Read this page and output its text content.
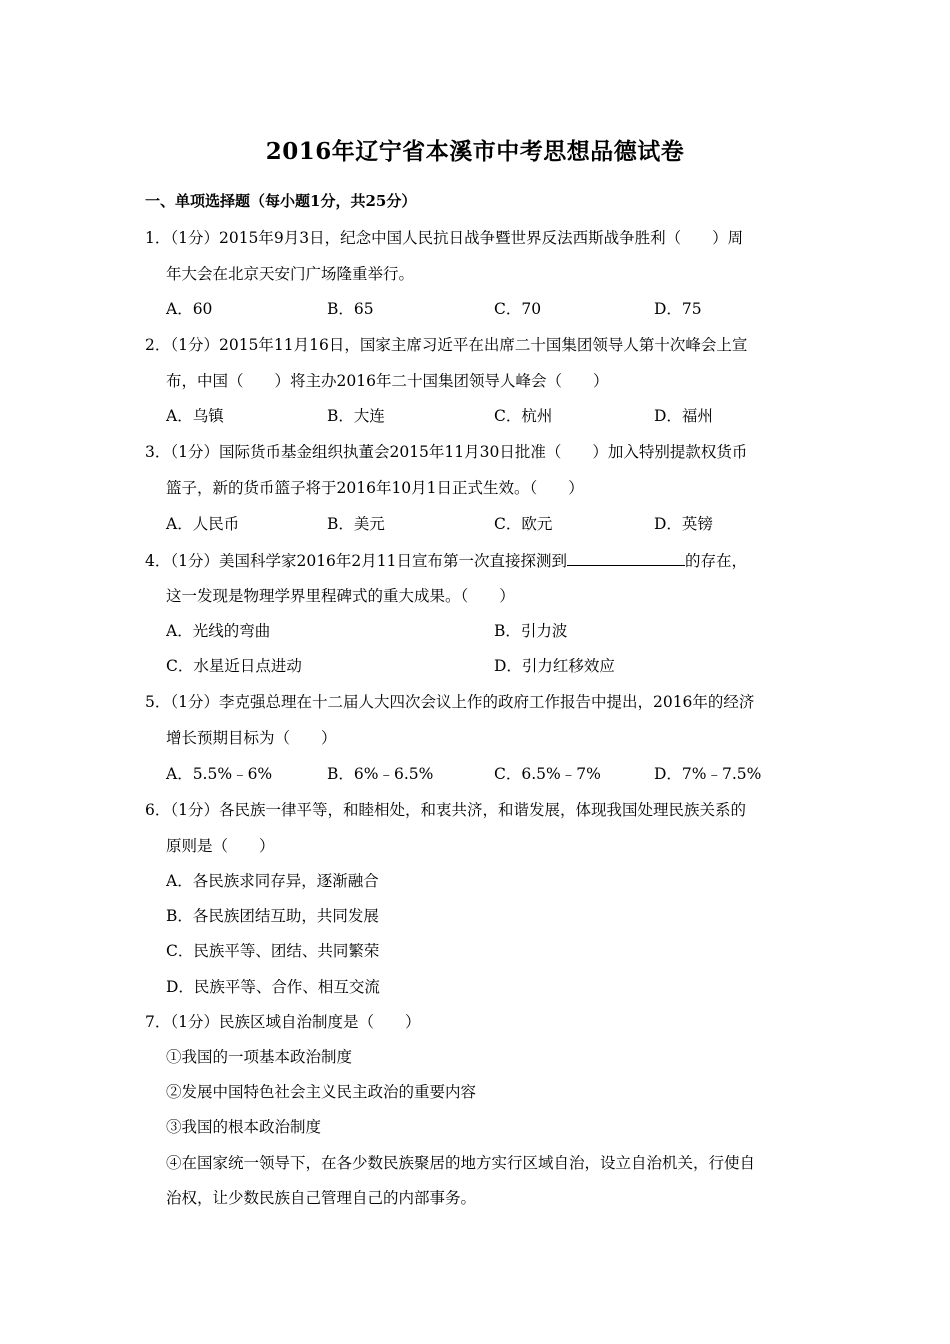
2016年辽宁省本溪市中考思想品德试卷
一、单项选择题（每小题1分，共25分）
1．（1分）2015年9月3日，纪念中国人民抗日战争暨世界反法西斯战争胜利（　　）周
年大会在北京天安门广场隆重举行。
A．60	B．65	C．70	D．75
2．（1分）2015年11月16日，国家主席习近平在出席二十国集团领导人第十次峰会上宣
布，中国（　　）将主办2016年二十国集团领导人峰会（　　）
A．乌镇	B．大连	C．杭州	D．福州
3．（1分）国际货币基金组织执董会2015年11月30日批准（　　）加入特别提款权货币
篮子，新的货币篮子将于2016年10月1日正式生效。（　　）
A．人民币	B．美元	C．欧元	D．英镑
4．（1分）美国科学家2016年2月11日宣布第一次直接探测到	的存在，
这一发现是物理学界里程碑式的重大成果。（　　）
A．光线的弯曲	B．引力波
C．水星近日点进动	D．引力红移效应
5．（1分）李克强总理在十二届人大四次会议上作的政府工作报告中提出，2016年的经济
增长预期目标为（　　）
A．5.5%﹣6%	B．6%﹣6.5%	C．6.5%﹣7%	D．7%﹣7.5%
6．（1分）各民族一律平等，和睦相处，和衷共济，和谐发展，体现我国处理民族关系的
原则是（　　）
A．各民族求同存异，逐渐融合
B．各民族团结互助，共同发展
C．民族平等、团结、共同繁荣
D．民族平等、合作、相互交流
7．（1分）民族区域自治制度是（　　）
①我国的一项基本政治制度
②发展中国特色社会主义民主政治的重要内容
③我国的根本政治制度
④在国家统一领导下，在各少数民族聚居的地方实行区域自治，设立自治机关，行使自
治权，让少数民族自己管理自己的内部事务。
